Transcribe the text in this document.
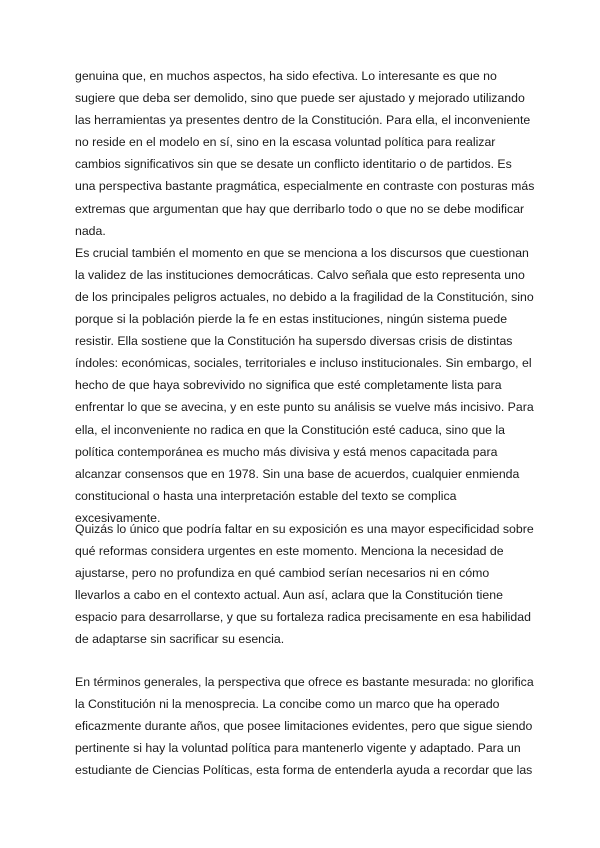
genuina que, en muchos aspectos, ha sido efectiva. Lo interesante es que no sugiere que deba ser demolido, sino que puede ser ajustado y mejorado utilizando las herramientas ya presentes dentro de la Constitución. Para ella, el inconveniente no reside en el modelo en sí, sino en la escasa voluntad política para realizar cambios significativos sin que se desate un conflicto identitario o de partidos. Es una perspectiva bastante pragmática, especialmente en contraste con posturas más extremas que argumentan que hay que derribarlo todo o que no se debe modificar nada.

Es crucial también el momento en que se menciona a los discursos que cuestionan la validez de las instituciones democráticas. Calvo señala que esto representa uno de los principales peligros actuales, no debido a la fragilidad de la Constitución, sino porque si la población pierde la fe en estas instituciones, ningún sistema puede resistir. Ella sostiene que la Constitución ha supersdo diversas crisis de distintas índoles: económicas, sociales, territoriales e incluso institucionales. Sin embargo, el hecho de que haya sobrevivido no significa que esté completamente lista para enfrentar lo que se avecina, y en este punto su análisis se vuelve más incisivo. Para ella, el inconveniente no radica en que la Constitución esté caduca, sino que la política contemporánea es mucho más divisiva y está menos capacitada para alcanzar consensos que en 1978. Sin una base de acuerdos, cualquier enmienda constitucional o hasta una interpretación estable del texto se complica excesivamente.

Quizás lo único que podría faltar en su exposición es una mayor especificidad sobre qué reformas considera urgentes en este momento. Menciona la necesidad de ajustarse, pero no profundiza en qué cambiod serían necesarios ni en cómo llevarlos a cabo en el contexto actual. Aun así, aclara que la Constitución tiene espacio para desarrollarse, y que su fortaleza radica precisamente en esa habilidad de adaptarse sin sacrificar su esencia.

En términos generales, la perspectiva que ofrece es bastante mesurada: no glorifica la Constitución ni la menosprecia. La concibe como un marco que ha operado eficazmente durante años, que posee limitaciones evidentes, pero que sigue siendo pertinente si hay la voluntad política para mantenerlo vigente y adaptado. Para un estudiante de Ciencias Políticas, esta forma de entenderla ayuda a recordar que las
